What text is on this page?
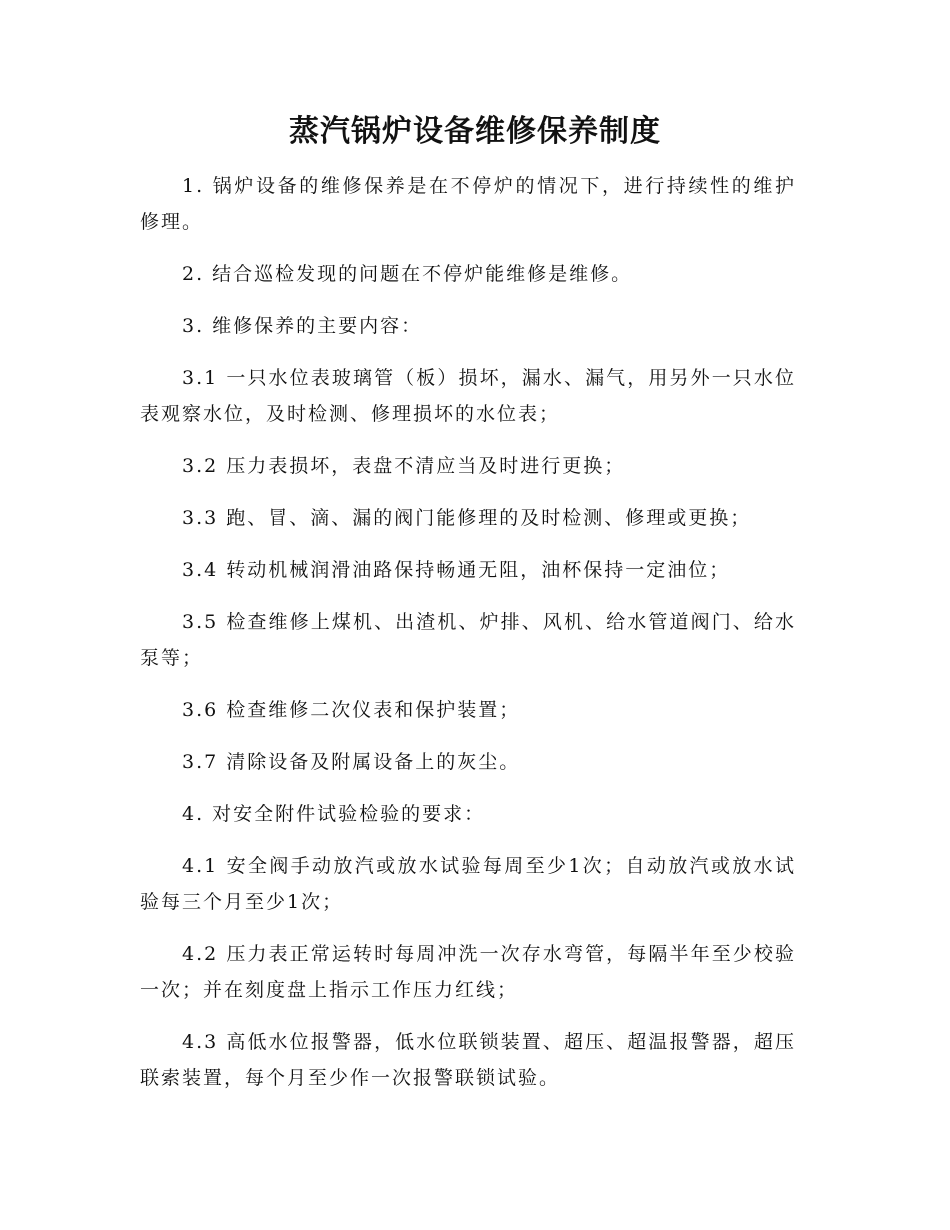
蒸汽锅炉设备维修保养制度

1. 锅炉设备的维修保养是在不停炉的情况下，进行持续性的维护修理。

2. 结合巡检发现的问题在不停炉能维修是维修。

3. 维修保养的主要内容：

3.1 一只水位表玻璃管（板）损坏，漏水、漏气，用另外一只水位表观察水位，及时检测、修理损坏的水位表；

3.2 压力表损坏，表盘不清应当及时进行更换；

3.3 跑、冒、滴、漏的阀门能修理的及时检测、修理或更换；

3.4 转动机械润滑油路保持畅通无阻，油杯保持一定油位；

3.5 检查维修上煤机、出渣机、炉排、风机、给水管道阀门、给水泵等；

3.6 检查维修二次仪表和保护装置；

3.7 清除设备及附属设备上的灰尘。

4. 对安全附件试验检验的要求：

4.1 安全阀手动放汽或放水试验每周至少1次；自动放汽或放水试验每三个月至少1次；

4.2 压力表正常运转时每周冲洗一次存水弯管，每隔半年至少校验一次；并在刻度盘上指示工作压力红线；

4.3 高低水位报警器，低水位联锁装置、超压、超温报警器，超压联索装置，每个月至少作一次报警联锁试验。
